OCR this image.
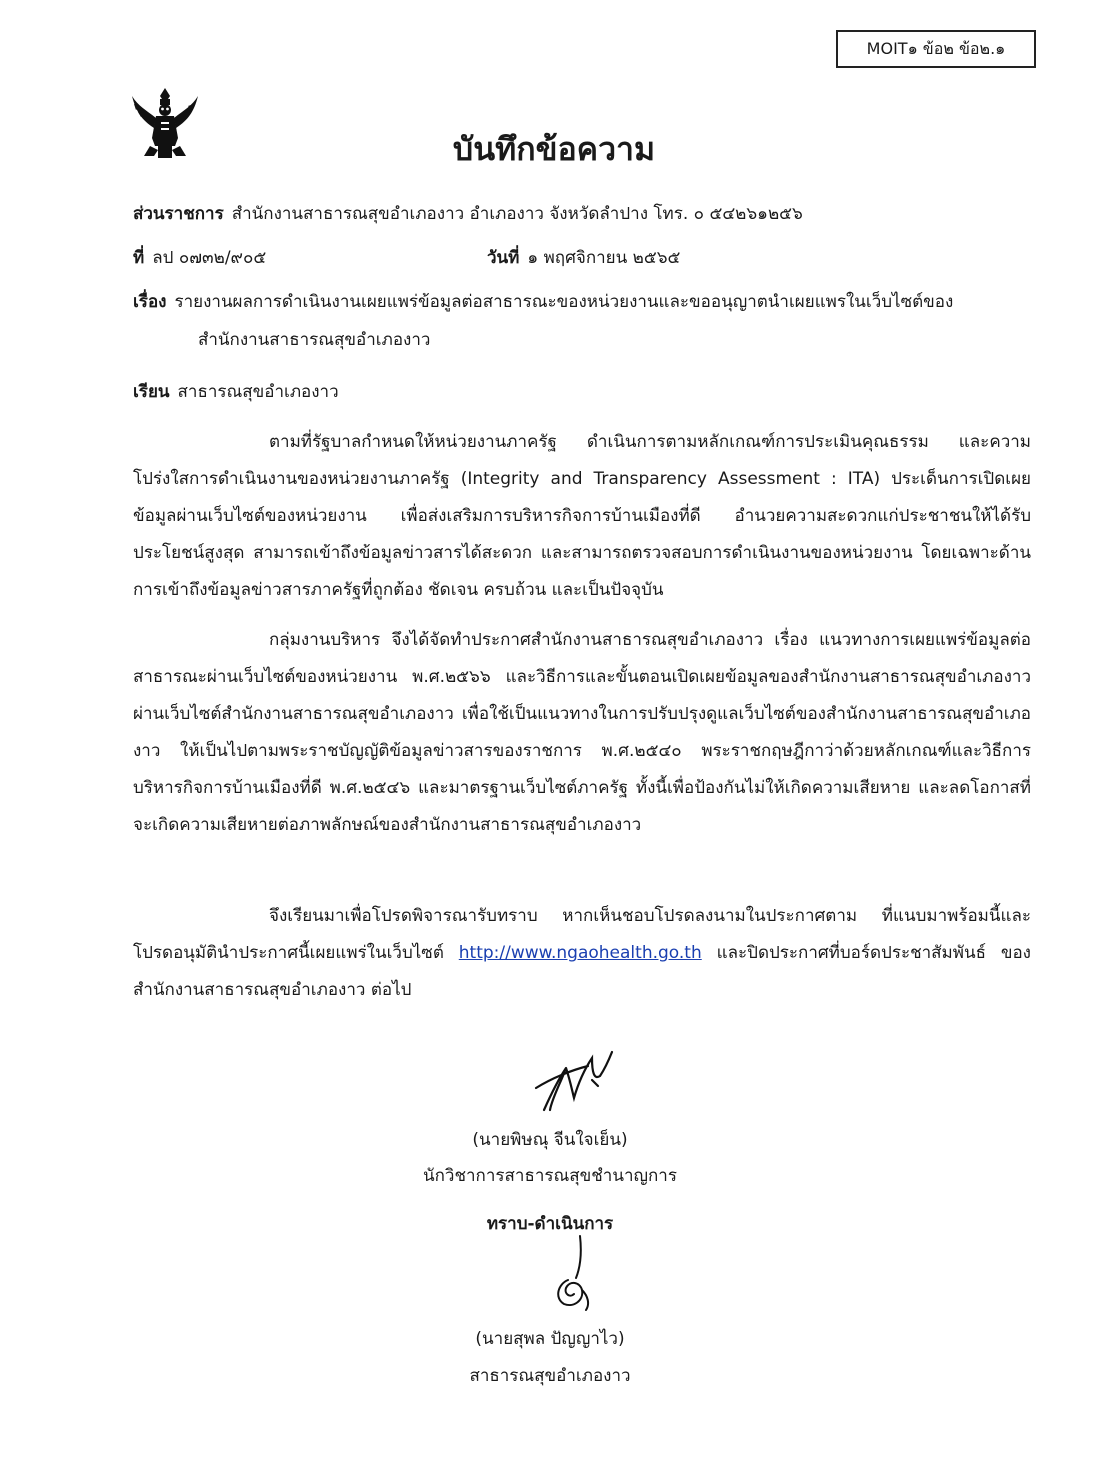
MOIT๑ ข้อ๒ ข้อ๒.๑
บันทึกข้อความ
ส่วนราชการ สำนักงานสาธารณสุขอำเภองาว อำเภองาว จังหวัดลำปาง โทร. ๐ ๕๔๒๖๑๒๕๖
ที่ ลป ๐๗๓๒/๙๐๕	วันที่ ๑ พฤศจิกายน ๒๕๖๕
เรื่อง รายงานผลการดำเนินงานเผยแพร่ข้อมูลต่อสาธารณะของหน่วยงานและขออนุญาตนำเผยแพรในเว็บไซต์ของ
สำนักงานสาธารณสุขอำเภองาว
เรียน สาธารณสุขอำเภองาว

ตามที่รัฐบาลกำหนดให้หน่วยงานภาครัฐ ดำเนินการตามหลักเกณฑ์การประเมินคุณธรรม และความโปร่งใสการดำเนินงานของหน่วยงานภาครัฐ (Integrity and Transparency Assessment : ITA) ประเด็นการเปิดเผยข้อมูลผ่านเว็บไซต์ของหน่วยงาน เพื่อส่งเสริมการบริหารกิจการบ้านเมืองที่ดี อำนวยความสะดวกแก่ประชาชนให้ได้รับประโยชน์สูงสุด สามารถเข้าถึงข้อมูลข่าวสารได้สะดวก และสามารถตรวจสอบการดำเนินงานของหน่วยงาน โดยเฉพาะด้านการเข้าถึงข้อมูลข่าวสารภาครัฐที่ถูกต้อง ชัดเจน ครบถ้วน และเป็นปัจจุบัน

กลุ่มงานบริหาร จึงได้จัดทำประกาศสำนักงานสาธารณสุขอำเภองาว เรื่อง แนวทางการเผยแพร่ข้อมูลต่อสาธารณะผ่านเว็บไซต์ของหน่วยงาน พ.ศ.๒๕๖๖ และวิธีการและขั้นตอนเปิดเผยข้อมูลของสำนักงานสาธารณสุขอำเภองาว ผ่านเว็บไซต์สำนักงานสาธารณสุขอำเภองาว เพื่อใช้เป็นแนวทางในการปรับปรุงดูแลเว็บไซต์ของสำนักงานสาธารณสุขอำเภองาว ให้เป็นไปตามพระราชบัญญัติข้อมูลข่าวสารของราชการ พ.ศ.๒๕๔๐ พระราชกฤษฎีกาว่าด้วยหลักเกณฑ์และวิธีการบริหารกิจการบ้านเมืองที่ดี พ.ศ.๒๕๔๖ และมาตรฐานเว็บไซต์ภาครัฐ ทั้งนี้เพื่อป้องกันไม่ให้เกิดความเสียหาย และลดโอกาสที่จะเกิดความเสียหายต่อภาพลักษณ์ของสำนักงานสาธารณสุขอำเภองาว

จึงเรียนมาเพื่อโปรดพิจารณารับทราบ หากเห็นชอบโปรดลงนามในประกาศตาม ที่แนบมาพร้อมนี้และโปรดอนุมัตินำประกาศนี้เผยแพร่ในเว็บไซต์ http://www.ngaohealth.go.th และปิดประกาศที่บอร์ดประชาสัมพันธ์ ของสำนักงานสาธารณสุขอำเภองาว ต่อไป

(นายพิษณุ จีนใจเย็น)
นักวิชาการสาธารณสุขชำนาญการ
ทราบ-ดำเนินการ
(นายสุพล ปัญญาไว)
สาธารณสุขอำเภองาว
